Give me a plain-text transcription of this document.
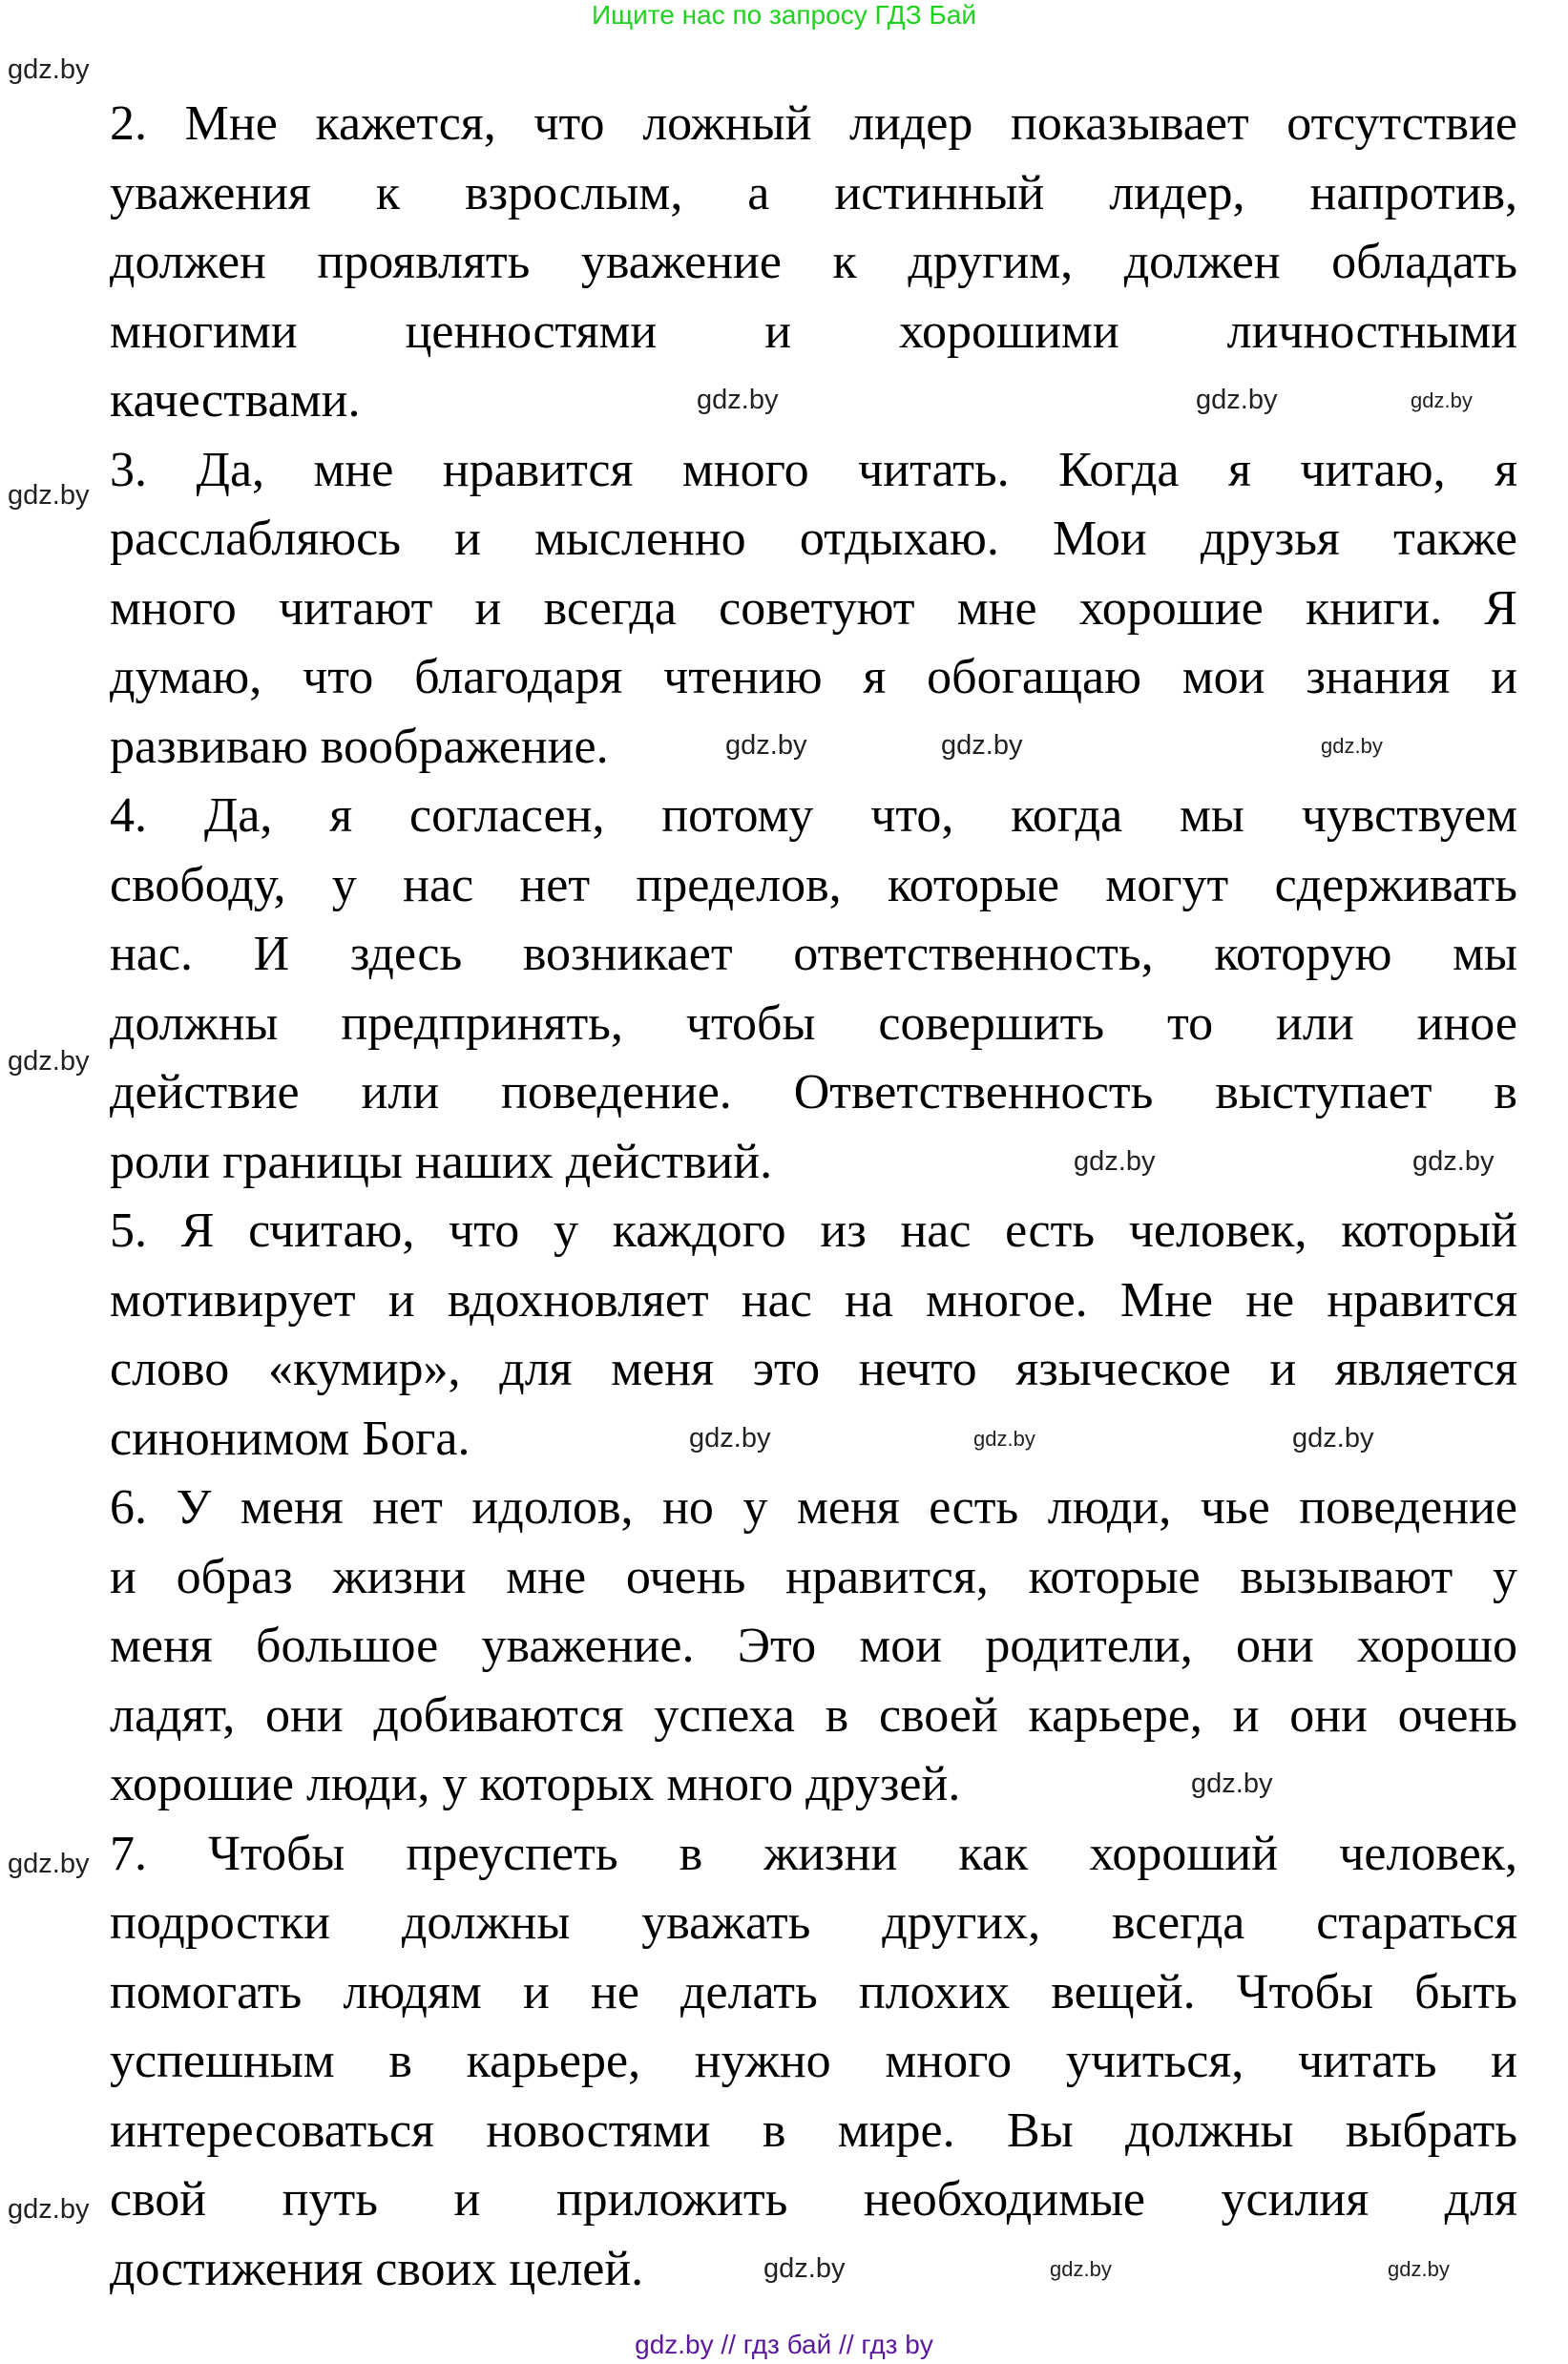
Ищите нас по запросу ГДЗ Бай
2. Мне кажется, что ложный лидер показывает отсутствие
уважения к взрослым, а истинный лидер, напротив,
должен проявлять уважение к другим, должен обладать
многими ценностями и хорошими личностными
качествами.
3. Да, мне нравится много читать. Когда я читаю, я
расслабляюсь и мысленно отдыхаю. Мои друзья также
много читают и всегда советуют мне хорошие книги. Я
думаю, что благодаря чтению я обогащаю мои знания и
развиваю воображение.
4. Да, я согласен, потому что, когда мы чувствуем
свободу, у нас нет пределов, которые могут сдерживать
нас. И здесь возникает ответственность, которую мы
должны предпринять, чтобы совершить то или иное
действие или поведение. Ответственность выступает в
роли границы наших действий.
5. Я считаю, что у каждого из нас есть человек, который
мотивирует и вдохновляет нас на многое. Мне не нравится
слово «кумир», для меня это нечто языческое и является
синонимом Бога.
6. У меня нет идолов, но у меня есть люди, чье поведение
и образ жизни мне очень нравится, которые вызывают у
меня большое уважение. Это мои родители, они хорошо
ладят, они добиваются успеха в своей карьере, и они очень
хорошие люди, у которых много друзей.
7. Чтобы преуспеть в жизни как хороший человек,
подростки должны уважать других, всегда стараться
помогать людям и не делать плохих вещей. Чтобы быть
успешным в карьере, нужно много учиться, читать и
интересоваться новостями в мире. Вы должны выбрать
свой путь и приложить необходимые усилия для
достижения своих целей.
gdz.by
gdz.by
gdz.by
gdz.by
gdz.by
gdz.by	gdz.by	gdz.by
gdz.by	gdz.by	gdz.by
gdz.by	gdz.by
gdz.by	gdz.by
gdz.by
gdz.by
gdz.by	gdz.by	gdz.by
gdz.by // гдз бай // гдз by
